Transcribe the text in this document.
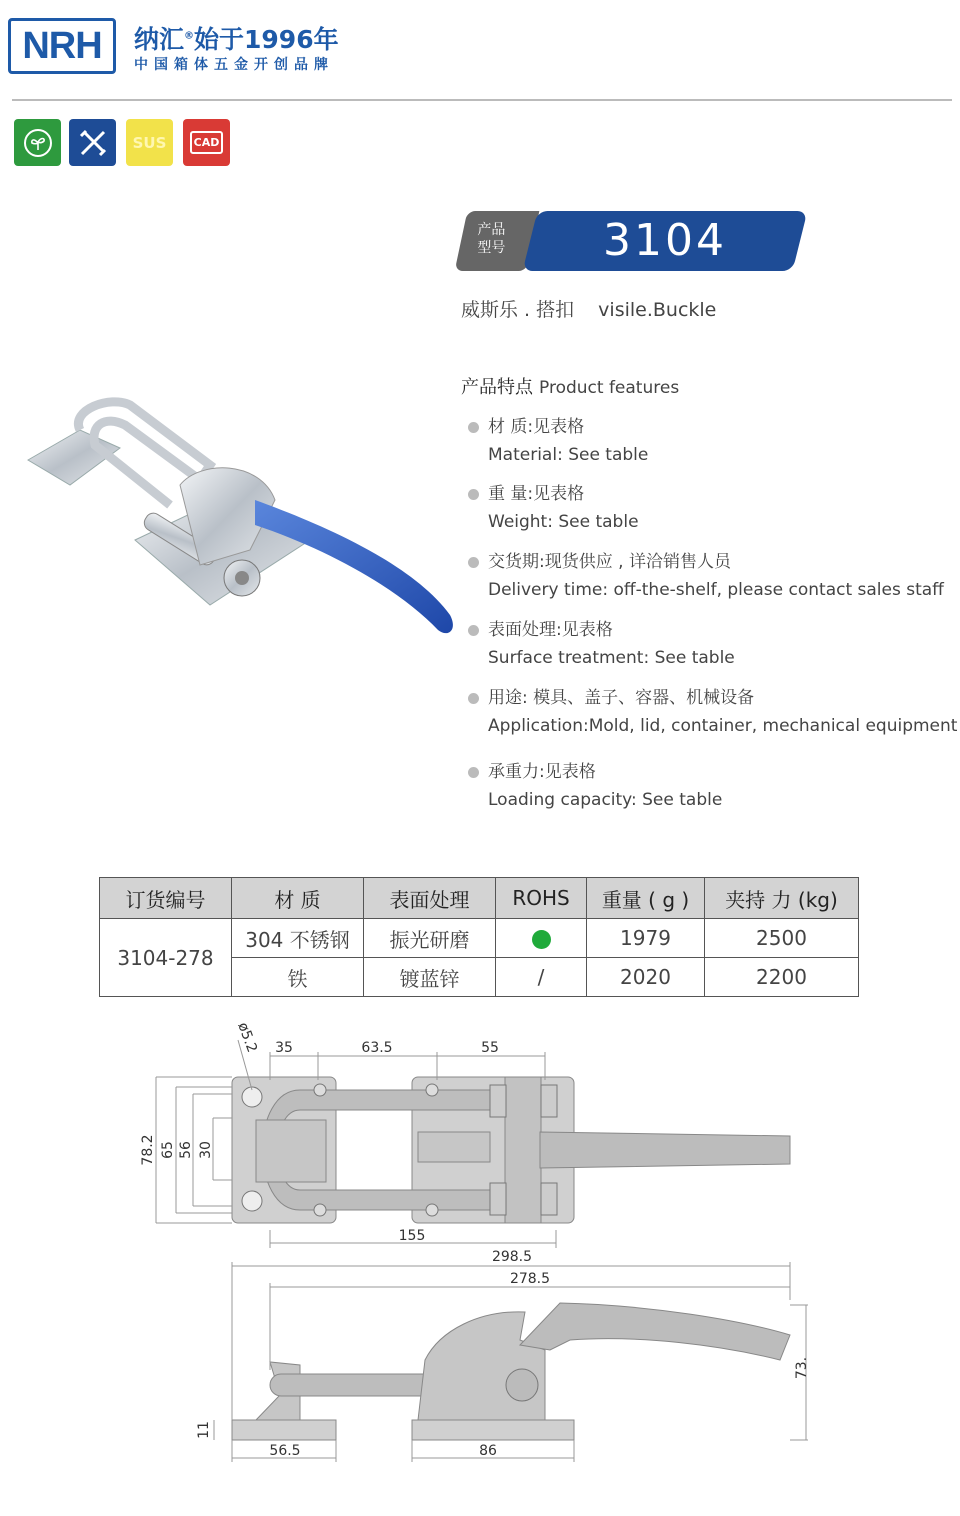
NRH	纳汇®始于1996年
中国箱体五金开创品牌
SUS	CAD
产品
型号	3104
威斯乐 . 搭扣 visile.Buckle
产品特点 Product features
材 质:见表格
Material: See table
重 量:见表格
Weight: See table
交货期:现货供应 , 详洽销售人员
Delivery time: off-the-shelf, please contact sales staff
表面处理:见表格
Surface treatment: See table
用途: 模具、盖子、容器、机械设备
Application:Mold, lid, container, mechanical equipment
承重力:见表格
Loading capacity: See table
订货编号	材 质	表面处理	ROHS	重量 ( g )	夹持 力 (kg)
3104-278	304 不锈钢	振光研磨		1979	2500
	铁	镀蓝锌	/	2020	2200
ø5.2 35	63.5	55
78.2 65 56 30
155
298.5
278.5
73.
11
56.5	86
